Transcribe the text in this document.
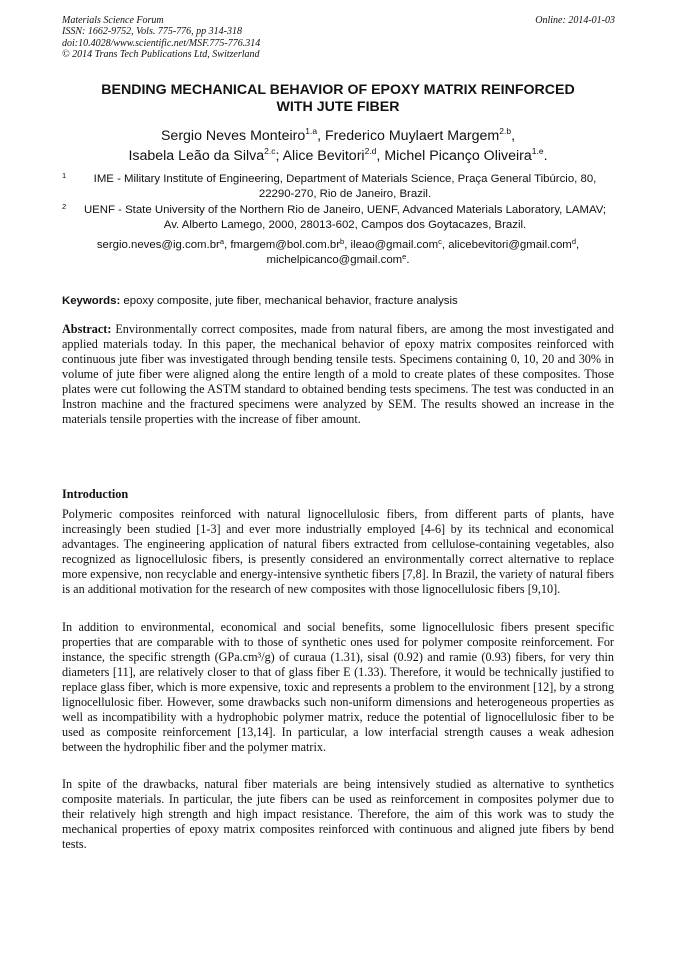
Materials Science Forum
ISSN: 1662-9752, Vols. 775-776, pp 314-318
doi:10.4028/www.scientific.net/MSF.775-776.314
© 2014 Trans Tech Publications Ltd, Switzerland
Online: 2014-01-03
BENDING MECHANICAL BEHAVIOR OF EPOXY MATRIX REINFORCED
WITH JUTE FIBER
Sergio Neves Monteiro$^{1.a}$, Frederico Muylaert Margem$^{2.b}$,
Isabela Leão da Silva$^{2.c}$; Alice Bevitori$^{2.d}$, Michel Picanço Oliveira$^{1.e}$.
1	IME - Military Institute of Engineering, Department of Materials Science, Praça General Tibúrcio, 80, 22290-270, Rio de Janeiro, Brazil.
2	UENF - State University of the Northern Rio de Janeiro, UENF, Advanced Materials Laboratory, LAMAV; Av. Alberto Lamego, 2000, 28013-602, Campos dos Goytacazes, Brazil.
$sergio.neves@ig.com.br^a$, $fmargem@bol.com.br^b$, ileao@gmail.com$^c$, alicebevitori@gmail.com$^d$,
michelpicanco@gmail.com$^e$.
Keywords: epoxy composite, jute fiber, mechanical behavior, fracture analysis
Abstract: Environmentally correct composites, made from natural fibers, are among the most investigated and applied materials today. In this paper, the mechanical behavior of epoxy matrix composites reinforced with continuous jute fiber was investigated through bending tensile tests. Specimens containing 0, 10, 20 and 30% in volume of jute fiber were aligned along the entire length of a mold to create plates of these composites. Those plates were cut following the ASTM standard to obtained bending tests specimens. The test was conducted in an Instron machine and the fractured specimens were analyzed by SEM. The results showed an increase in the materials tensile properties with the increase of fiber amount.
Introduction
Polymeric composites reinforced with natural lignocellulosic fibers, from different parts of plants, have increasingly been studied [1-3] and ever more industrially employed [4-6] by its technical and economical advantages. The engineering application of natural fibers extracted from cellulose-containing vegetables, also recognized as lignocellulosic fibers, is presently considered an environmentally correct alternative to replace more expensive, non recyclable and energy-intensive synthetic fibers [7,8]. In Brazil, the variety of natural fibers is an additional motivation for the research of new composites with those lignocellulosic fibers [9,10].
In addition to environmental, economical and social benefits, some lignocellulosic fibers present specific properties that are comparable with to those of synthetic ones used for polymer composite reinforcement. For instance, the specific strength (GPa.cm³/g) of curaua (1.31), sisal (0.92) and ramie (0.93) fibers, for very thin diameters [11], are relatively closer to that of glass fiber E (1.33). Therefore, it would be technically justified to replace glass fiber, which is more expensive, toxic and represents a problem to the environment [12], by a strong lignocellulosic fiber. However, some drawbacks such non-uniform dimensions and heterogeneous properties as well as incompatibility with a hydrophobic polymer matrix, reduce the potential of lignocellulosic fiber to be used as composite reinforcement [13,14]. In particular, a low interfacial strength causes a weak adhesion between the hydrophilic fiber and the polymer matrix.
In spite of the drawbacks, natural fiber materials are being intensively studied as alternative to synthetics composite materials. In particular, the jute fibers can be used as reinforcement in composites polymer due to their relatively high strength and high impact resistance. Therefore, the aim of this work was to study the mechanical properties of epoxy matrix composites reinforced with continuous and aligned jute fibers by bend tests.
